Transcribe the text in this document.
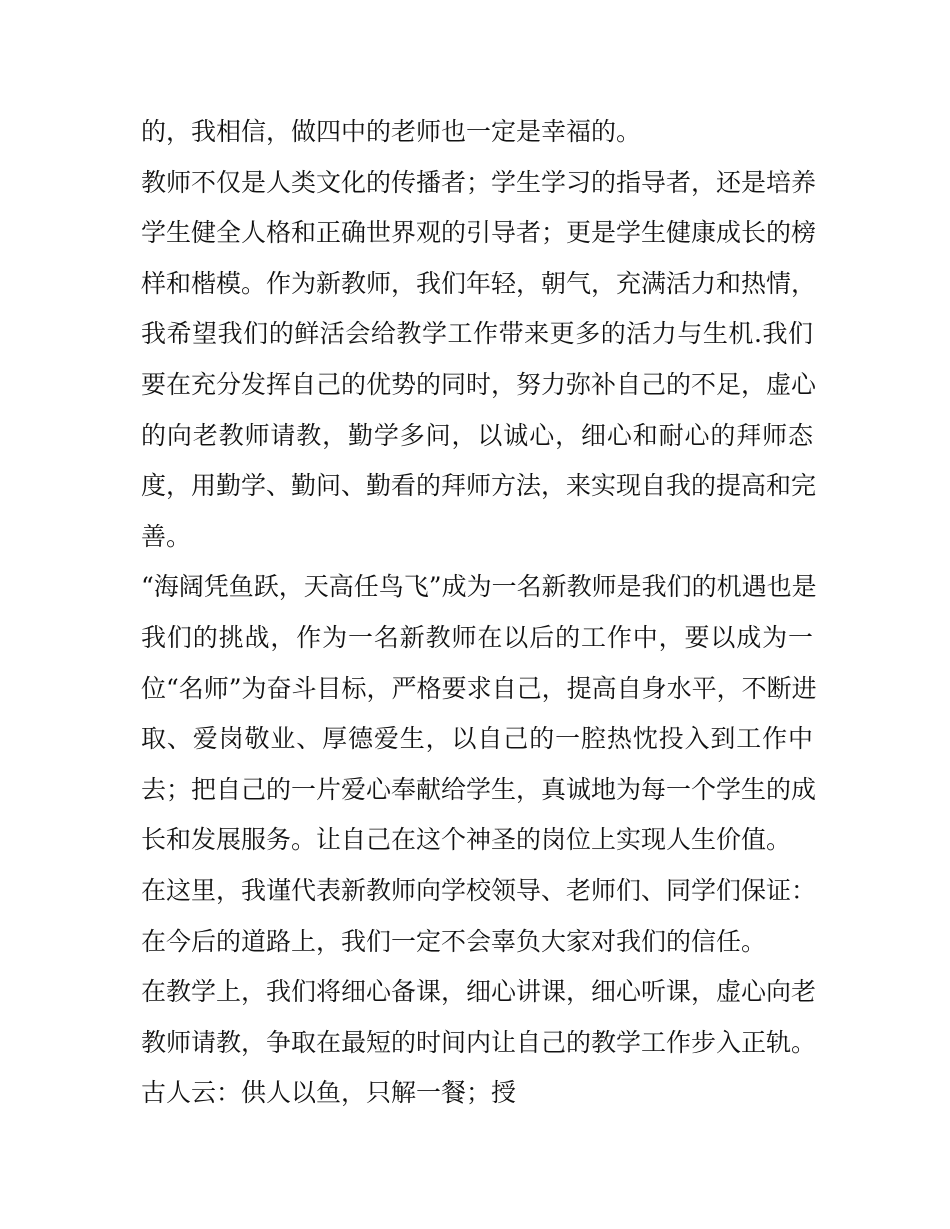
的，我相信，做四中的老师也一定是幸福的。
教师不仅是人类文化的传播者；学生学习的指导者，还是培养
学生健全人格和正确世界观的引导者；更是学生健康成长的榜
样和楷模。作为新教师，我们年轻，朝气，充满活力和热情，
我希望我们的鲜活会给教学工作带来更多的活力与生机.我们
要在充分发挥自己的优势的同时，努力弥补自己的不足，虚心
的向老教师请教，勤学多问，以诚心，细心和耐心的拜师态
度，用勤学、勤问、勤看的拜师方法，来实现自我的提高和完
善。
“海阔凭鱼跃，天高任鸟飞”成为一名新教师是我们的机遇也是
我们的挑战，作为一名新教师在以后的工作中，要以成为一
位“名师”为奋斗目标，严格要求自己，提高自身水平，不断进
取、爱岗敬业、厚德爱生，以自己的一腔热忱投入到工作中
去；把自己的一片爱心奉献给学生，真诚地为每一个学生的成
长和发展服务。让自己在这个神圣的岗位上实现人生价值。
在这里，我谨代表新教师向学校领导、老师们、同学们保证：
在今后的道路上，我们一定不会辜负大家对我们的信任。
在教学上，我们将细心备课，细心讲课，细心听课，虚心向老
教师请教，争取在最短的时间内让自己的教学工作步入正轨。
古人云：供人以鱼，只解一餐；授
